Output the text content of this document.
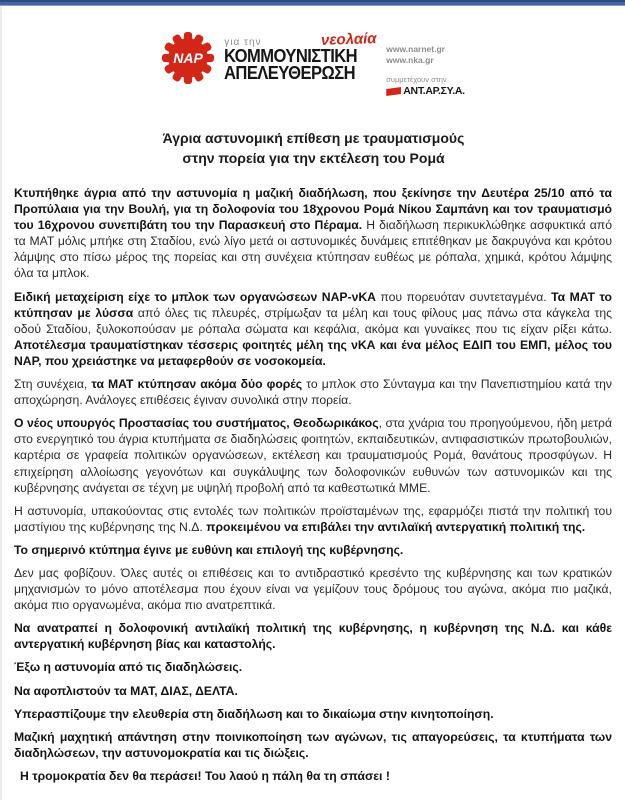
ΝΑΡ
για την	νεολαία
ΚΟΜΜΟΥΝΙΣΤΙΚΗ
ΑΠΕΛΕΥΘΕΡΩΣΗ
www.narnet.gr
www.nka.gr
συμμετέχουν στην
ΑΝΤ.ΑΡ.ΣΥ.Α.
Άγρια αστυνομική επίθεση με τραυματισμούς
στην πορεία για την εκτέλεση του Ρομά

Κτυπήθηκε άγρια από την αστυνομία η μαζική διαδήλωση, που ξεκίνησε την Δευτέρα 25/10 από τα Προπύλαια για την Βουλή, για τη δολοφονία του 18χρονου Ρομά Νίκου Σαμπάνη και τον τραυματισμό του 16χρονου συνεπιβάτη του την Παρασκευή στο Πέραμα. Η διαδήλωση περικυκλώθηκε ασφυκτικά από τα ΜΑΤ μόλις μπήκε στη Σταδίου, ενώ λίγο μετά οι αστυνομικές δυνάμεις επιτέθηκαν με δακρυγόνα και κρότου λάμψης στο πίσω μέρος της πορείας και στη συνέχεια κτύπησαν ευθέως με ρόπαλα, χημικά, κρότου λάμψης όλα τα μπλοκ.

Ειδική μεταχείριση είχε το μπλοκ των οργανώσεων ΝΑΡ-νΚΑ που πορευόταν συντεταγμένα. Τα ΜΑΤ το κτύπησαν με λύσσα από όλες τις πλευρές, στρίμωξαν τα μέλη και τους φίλους μας πάνω στα κάγκελα της οδού Σταδίου, ξυλοκοπούσαν με ρόπαλα σώματα και κεφάλια, ακόμα και γυναίκες που τις είχαν ρίξει κάτω. Αποτέλεσμα τραυματίστηκαν τέσσερις φοιτητές μέλη της νΚΑ και ένα μέλος ΕΔΙΠ του ΕΜΠ, μέλος του ΝΑΡ, που χρειάστηκε να μεταφερθούν σε νοσοκομεία.

Στη συνέχεια, τα ΜΑΤ κτύπησαν ακόμα δύο φορές το μπλοκ στο Σύνταγμα και την Πανεπιστημίου κατά την αποχώρηση. Ανάλογες επιθέσεις έγιναν συνολικά στην πορεία.

Ο νέος υπουργός Προστασίας του συστήματος, Θεοδωρικάκος, στα χνάρια του προηγούμενου, ήδη μετρά στο ενεργητικό του άγρια κτυπήματα σε διαδηλώσεις φοιτητών, εκπαιδευτικών, αντιφασιστικών πρωτοβουλιών, καρτέρια σε γραφεία πολιτικών οργανώσεων, εκτέλεση και τραυματισμούς Ρομά, θανάτους προσφύγων. Η επιχείρηση αλλοίωσης γεγονότων και συγκάλυψης των δολοφονικών ευθυνών των αστυνομικών και της κυβέρνησης ανάγεται σε τέχνη με υψηλή προβολή από τα καθεστωτικά ΜΜΕ.

Η αστυνομία, υπακούοντας στις εντολές των πολιτικών προϊσταμένων της, εφαρμόζει πιστά την πολιτική του μαστίγιου της κυβέρνησης της Ν.Δ. προκειμένου να επιβάλει την αντιλαϊκή αντεργατική πολιτική της.

Το σημερινό κτύπημα έγινε με ευθύνη και επιλογή της κυβέρνησης.

Δεν μας φοβίζουν. Όλες αυτές οι επιθέσεις και το αντιδραστικό κρεσέντο της κυβέρνησης και των κρατικών μηχανισμών το μόνο αποτέλεσμα που έχουν είναι να γεμίζουν τους δρόμους του αγώνα, ακόμα πιο μαζικά, ακόμα πιο οργανωμένα, ακόμα πιο ανατρεπτικά.

Να ανατραπεί η δολοφονική αντιλαϊκή πολιτική της κυβέρνησης, η κυβέρνηση της Ν.Δ. και κάθε αντεργατική κυβέρνηση βίας και καταστολής.

Έξω η αστυνομία από τις διαδηλώσεις.

Να αφοπλιστούν τα ΜΑΤ, ΔΙΑΣ, ΔΕΛΤΑ.

Υπερασπίζουμε την ελευθερία στη διαδήλωση και το δικαίωμα στην κινητοποίηση.

Μαζική μαχητική απάντηση στην ποινικοποίηση των αγώνων, τις απαγορεύσεις, τα κτυπήματα των διαδηλώσεων, την αστυνομοκρατία και τις διώξεις.

Η τρομοκρατία δεν θα περάσει! Του λαού η πάλη θα τη σπάσει !
